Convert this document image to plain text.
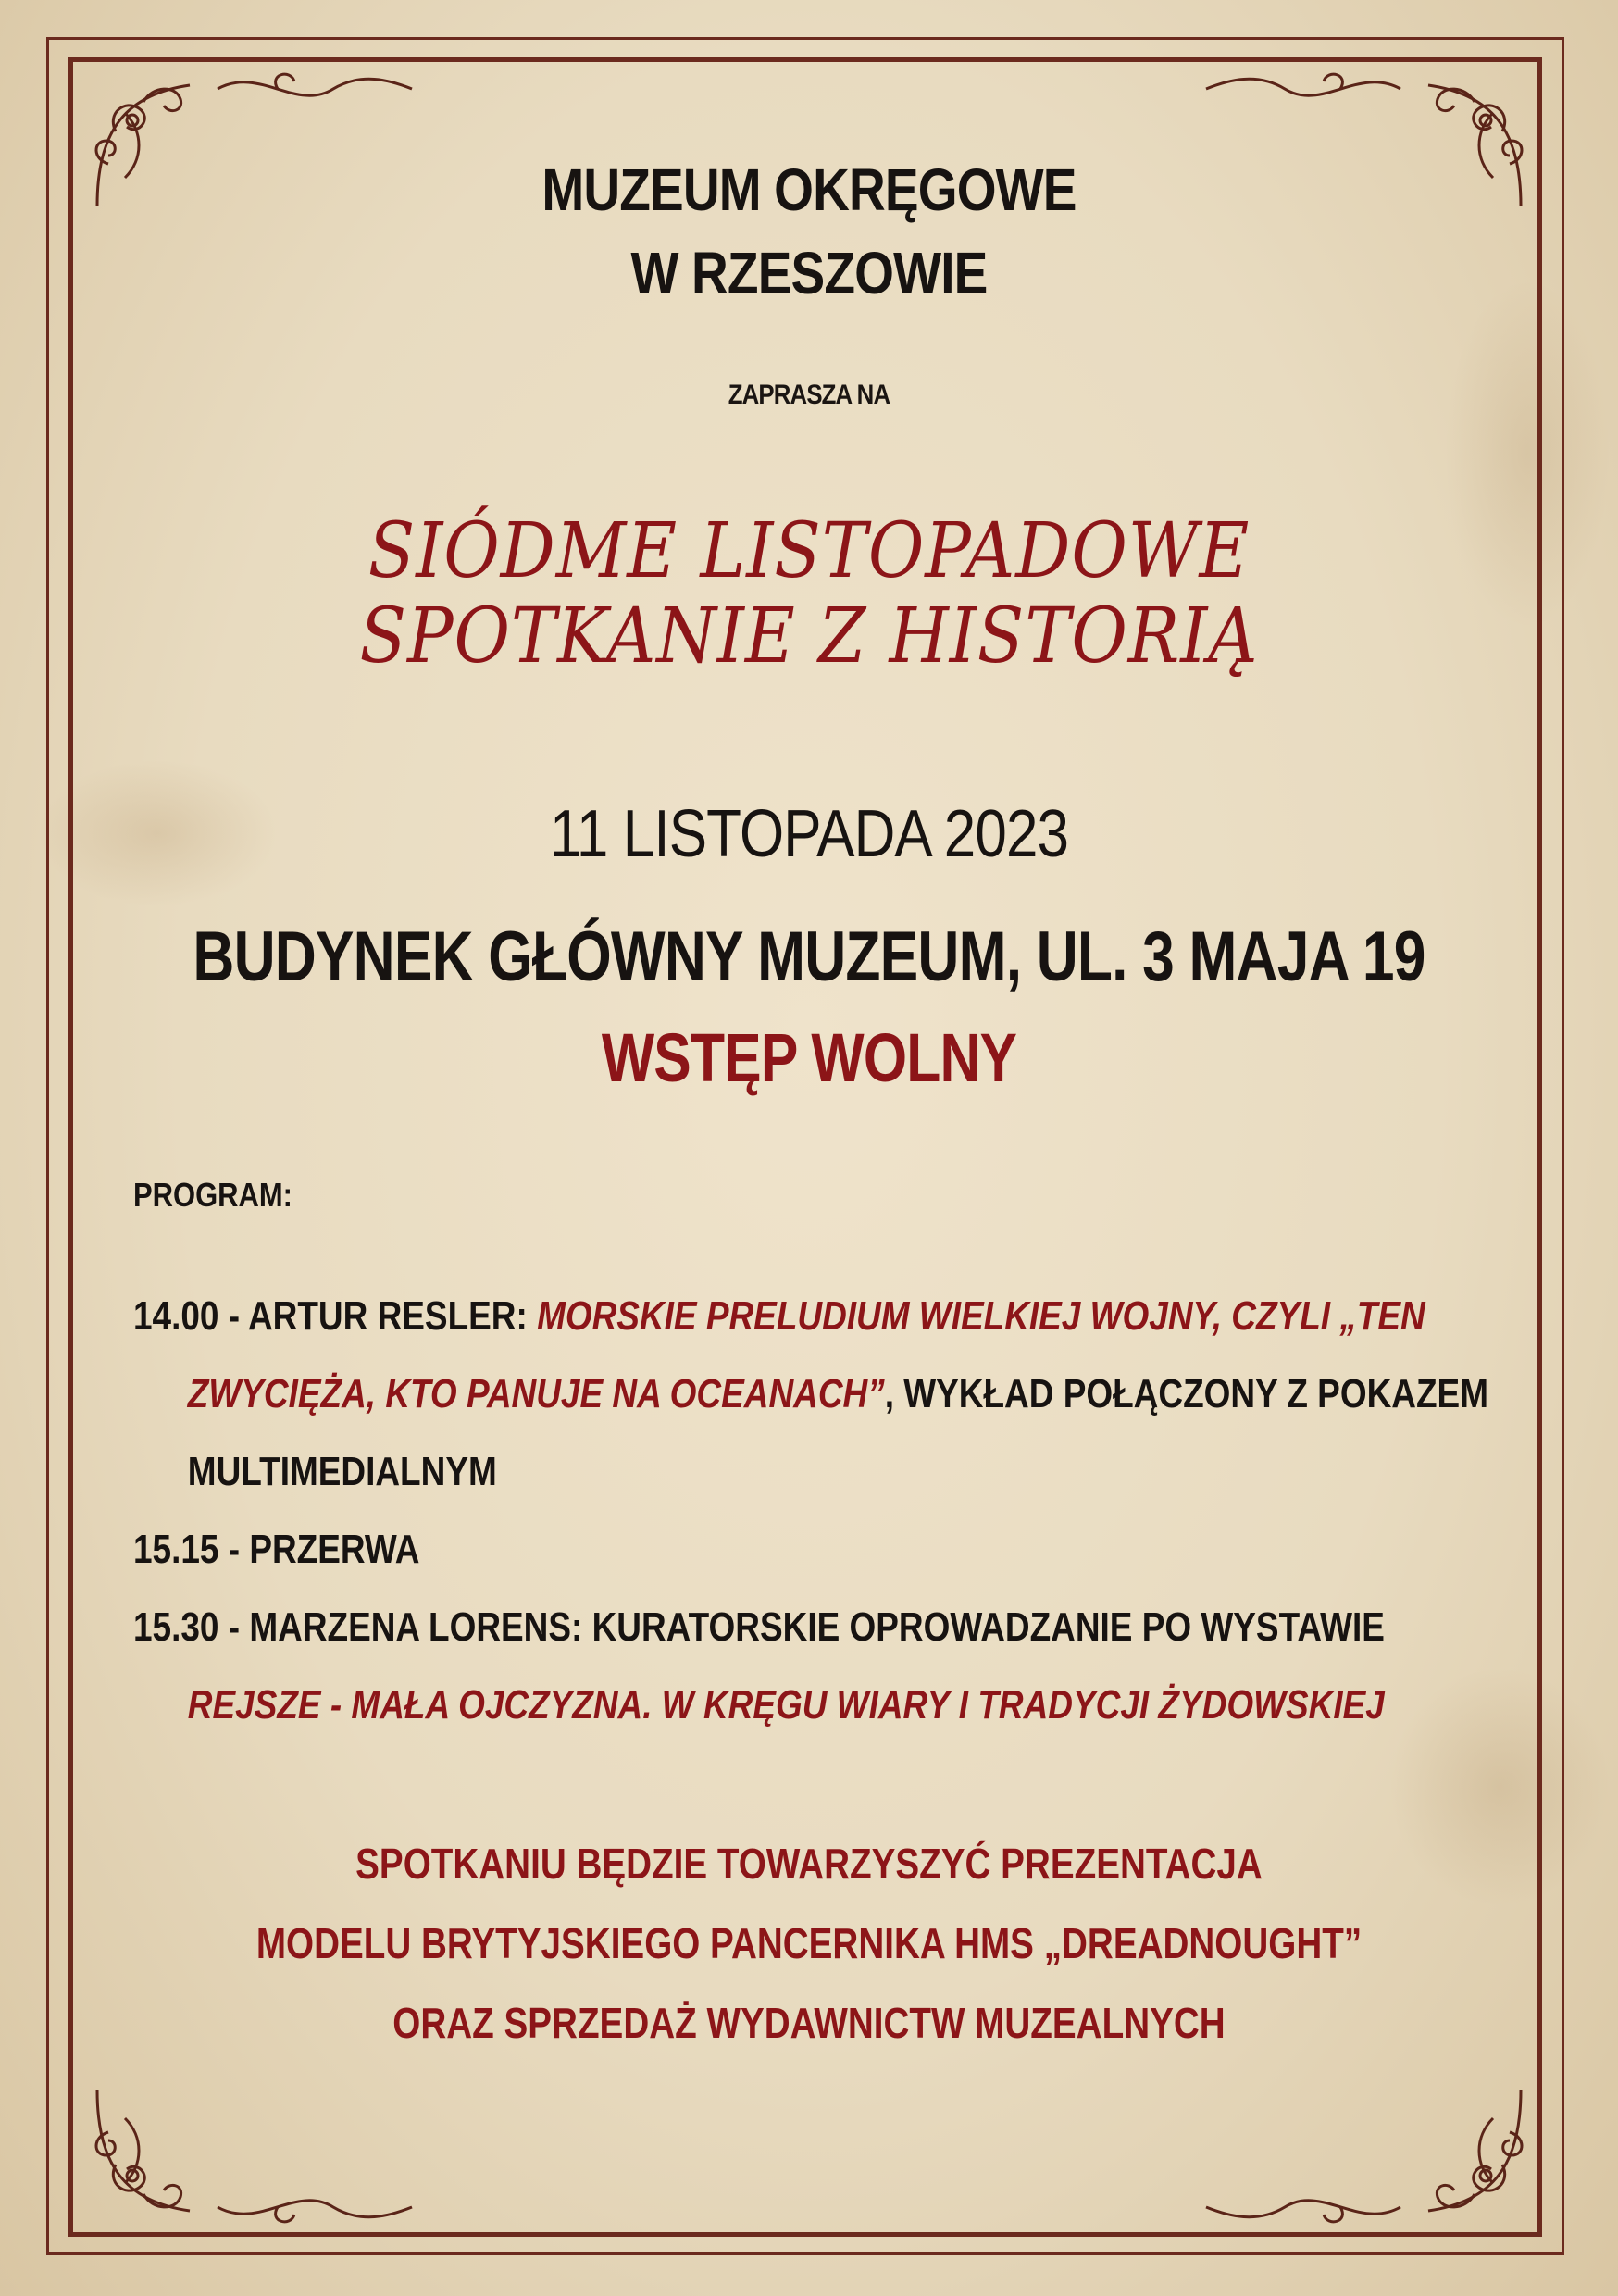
MUZEUM OKRĘGOWE
W RZESZOWIE
ZAPRASZA NA
SIÓDME LISTOPADOWE
SPOTKANIE Z HISTORIĄ
11 LISTOPADA 2023
BUDYNEK GŁÓWNY MUZEUM, UL. 3 MAJA 19
WSTĘP WOLNY
PROGRAM:
14.00 - ARTUR RESLER: MORSKIE PRELUDIUM WIELKIEJ WOJNY, CZYLI „TEN
ZWYCIĘŻA, KTO PANUJE NA OCEANACH”, WYKŁAD POŁĄCZONY Z POKAZEM
MULTIMEDIALNYM
15.15 - PRZERWA
15.30 - MARZENA LORENS: KURATORSKIE OPROWADZANIE PO WYSTAWIE
REJSZE - MAŁA OJCZYZNA. W KRĘGU WIARY I TRADYCJI ŻYDOWSKIEJ
SPOTKANIU BĘDZIE TOWARZYSZYĆ PREZENTACJA
MODELU BRYTYJSKIEGO PANCERNIKA HMS „DREADNOUGHT”
ORAZ SPRZEDAŻ WYDAWNICTW MUZEALNYCH
